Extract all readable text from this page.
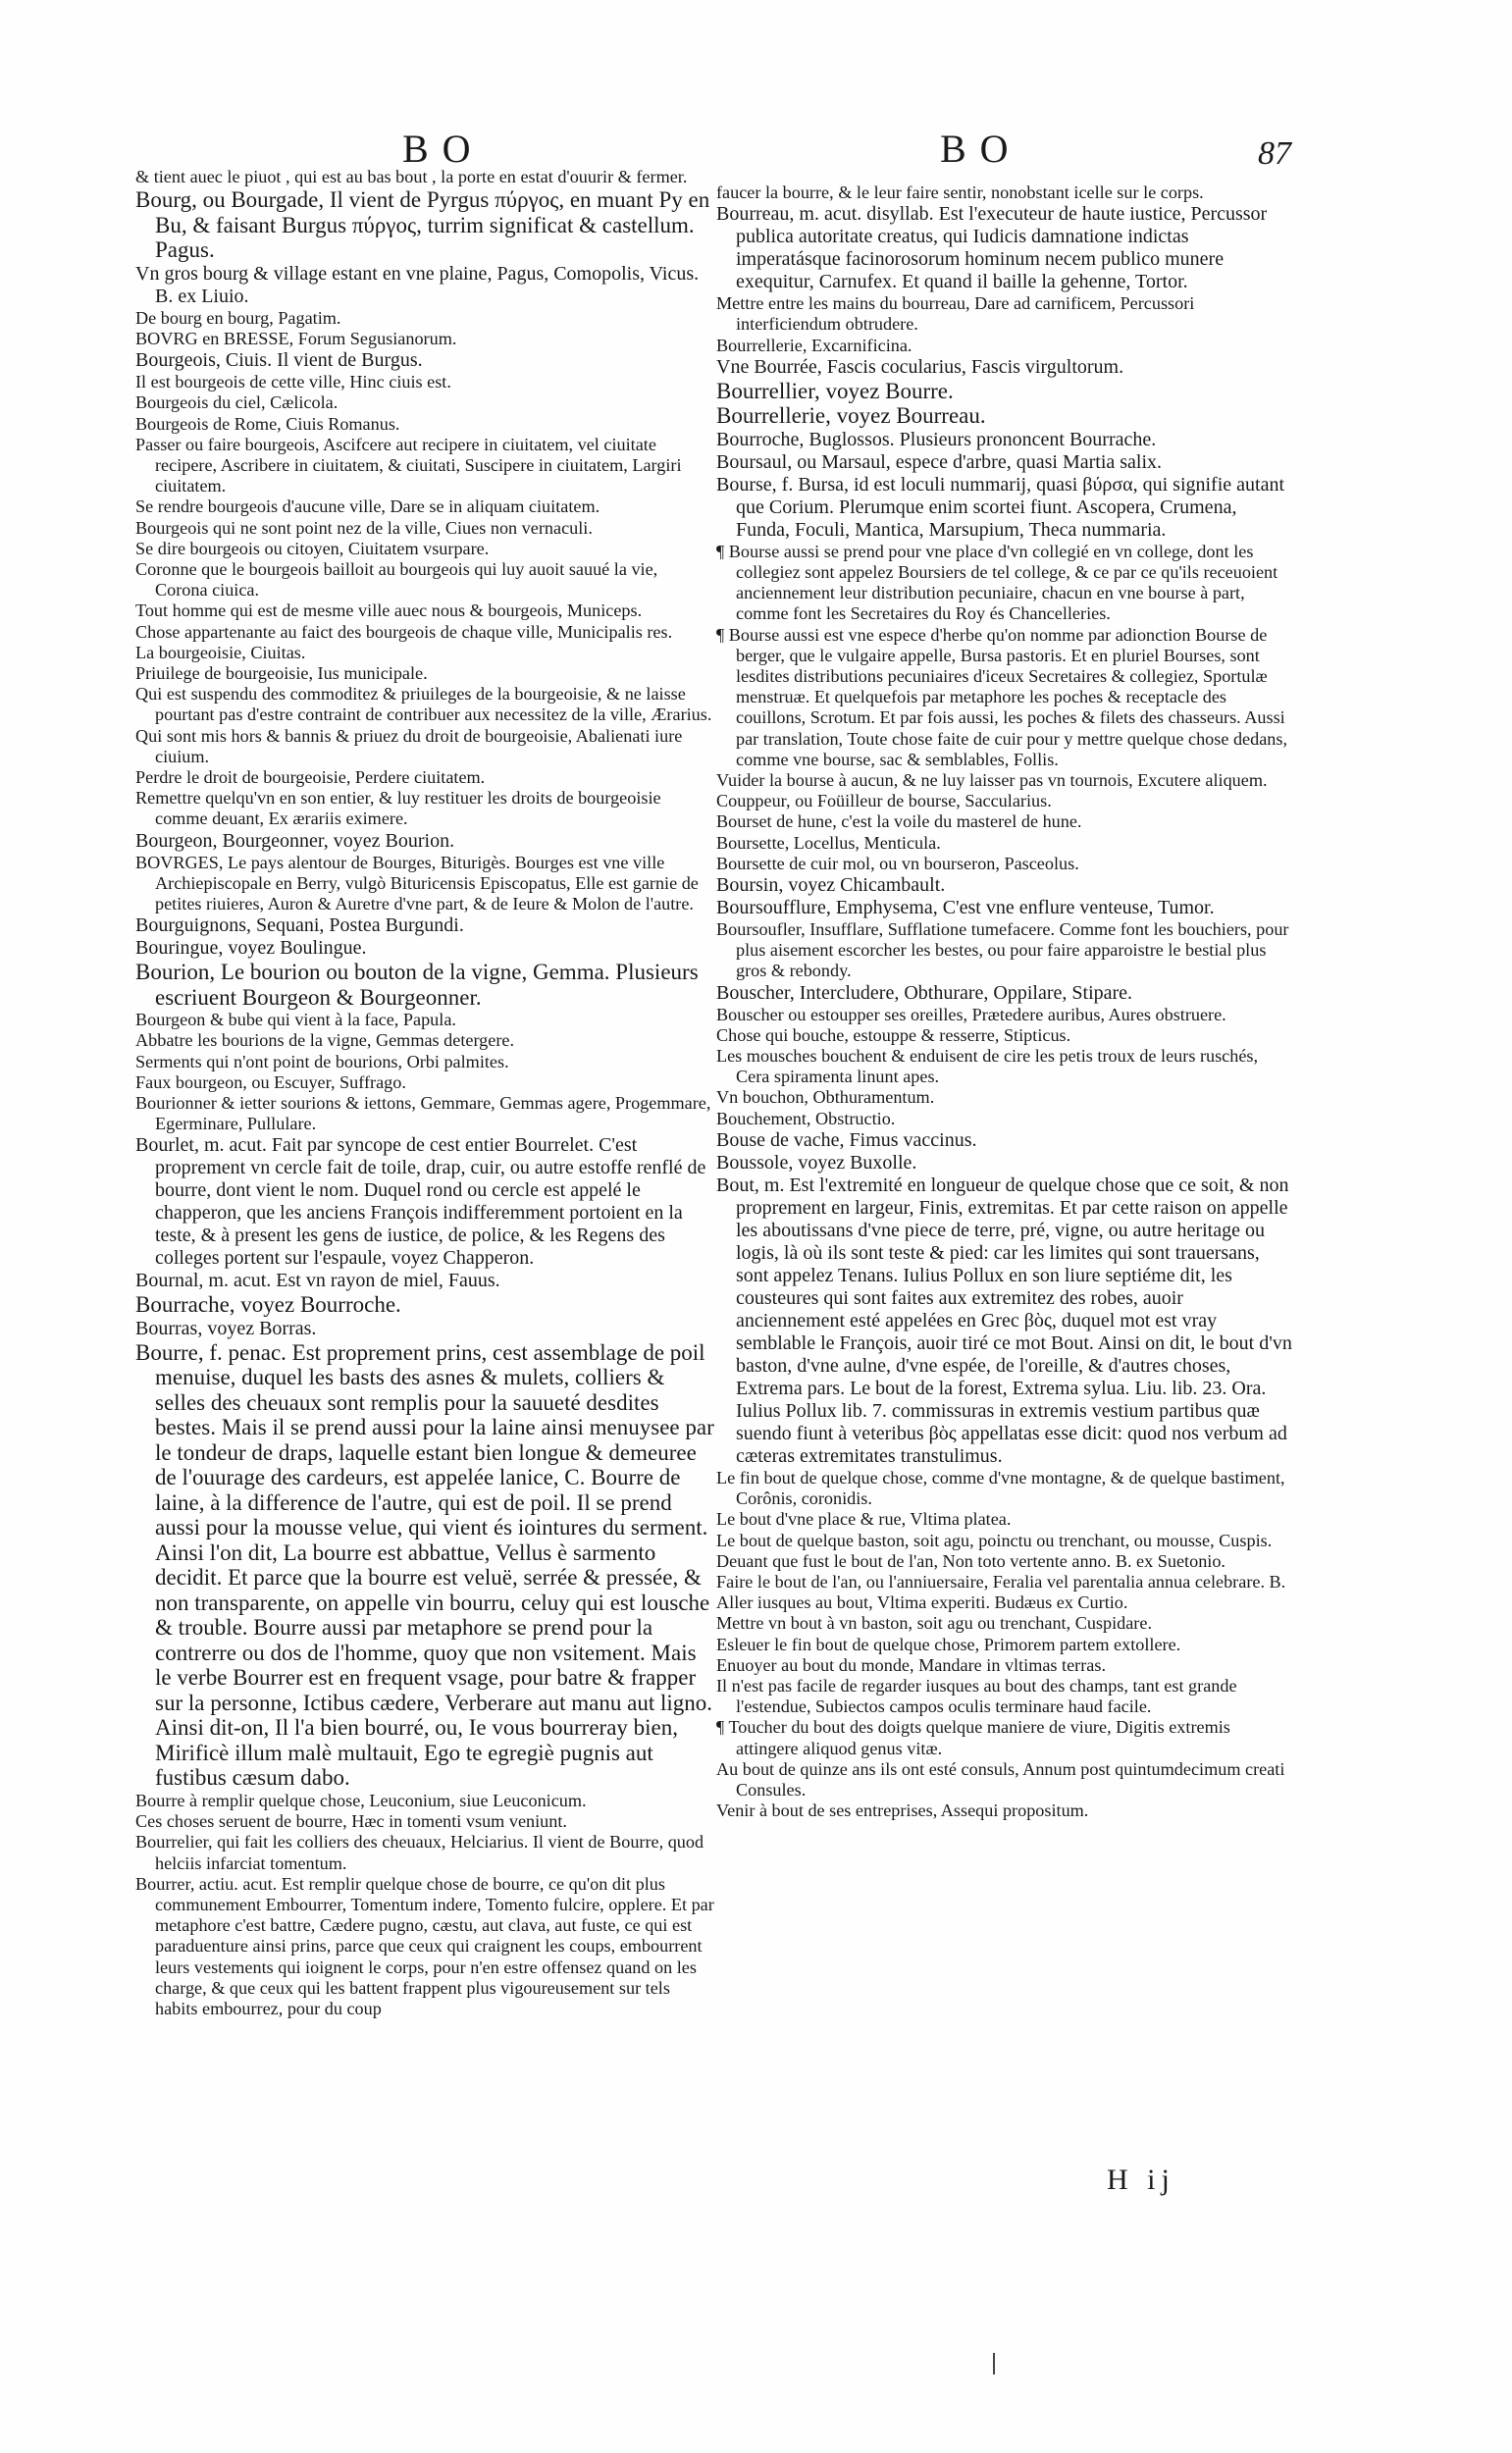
BO	BO	87

& tient auec le piuot , qui est au bas bout , la porte en estat d'ouurir & fermer.

Bourg, ou Bourgade, Il vient de Pyrgus πύργος, en muant Py en Bu, & faisant Burgus πύργος, turrim significat & castellum. Pagus.

Vn gros bourg & village estant en vne plaine, Pagus, Comopolis, Vicus. B. ex Liuio.

De bourg en bourg, Pagatim.

BOVRG en BRESSE, Forum Segusianorum.

Bourgeois, Ciuis. Il vient de Burgus.

Il est bourgeois de cette ville, Hinc ciuis est.

Bourgeois du ciel, Cælicola.

Bourgeois de Rome, Ciuis Romanus.

Passer ou faire bourgeois, Ascifcere aut recipere in ciuitatem, vel ciuitate recipere, Ascribere in ciuitatem, & ciuitati, Suscipere in ciuitatem, Largiri ciuitatem.

Se rendre bourgeois d'aucune ville, Dare se in aliquam ciuitatem.

Bourgeois qui ne sont point nez de la ville, Ciues non vernaculi.

Se dire bourgeois ou citoyen, Ciuitatem vsurpare.

Coronne que le bourgeois bailloit au bourgeois qui luy auoit sauué la vie, Corona ciuica.

Tout homme qui est de mesme ville auec nous & bourgeois, Municeps.

Chose appartenante au faict des bourgeois de chaque ville, Municipalis res.

La bourgeoisie, Ciuitas.

Priuilege de bourgeoisie, Ius municipale.

Qui est suspendu des commoditez & priuileges de la bourgeoisie, & ne laisse pourtant pas d'estre contraint de contribuer aux necessitez de la ville, Ærarius.

Qui sont mis hors & bannis & priuez du droit de bourgeoisie, Abalienati iure ciuium.

Perdre le droit de bourgeoisie, Perdere ciuitatem.

Remettre quelqu'vn en son entier, & luy restituer les droits de bourgeoisie comme deuant, Ex ærariis eximere.

Bourgeon, Bourgeonner, voyez Bourion.

BOVRGES, Le pays alentour de Bourges, Biturigès. Bourges est vne ville Archiepiscopale en Berry, vulgò Bituricensis Episcopatus, Elle est garnie de petites riuieres, Auron & Auretre d'vne part, & de Ieure & Molon de l'autre.

Bourguignons, Sequani, Postea Burgundi.

Bouringue, voyez Boulingue.

Bourion, Le bourion ou bouton de la vigne, Gemma. Plusieurs escriuent Bourgeon & Bourgeonner.

Bourgeon & bube qui vient à la face, Papula.

Abbatre les bourions de la vigne, Gemmas detergere.

Serments qui n'ont point de bourions, Orbi palmites.

Faux bourgeon, ou Escuyer, Suffrago.

Bourionner & ietter sourions & iettons, Gemmare, Gemmas agere, Progemmare, Egerminare, Pullulare.

Bourlet, m. acut. Fait par syncope de cest entier Bourrelet. C'est proprement vn cercle fait de toile, drap, cuir, ou autre estoffe renflé de bourre, dont vient le nom. Duquel rond ou cercle est appelé le chapperon, que les anciens François indifferemment portoient en la teste, & à present les gens de iustice, de police, & les Regens des colleges portent sur l'espaule, voyez Chapperon.

Bournal, m. acut. Est vn rayon de miel, Fauus.

Bourrache, voyez Bourroche.

Bourras, voyez Borras.

Bourre, f. penac. Est proprement prins, cest assemblage de poil menuise, duquel les basts des asnes & mulets, colliers & selles des cheuaux sont remplis pour la sauueté desdites bestes. Mais il se prend aussi pour la laine ainsi menuysee par le tondeur de draps, laquelle estant bien longue & demeuree de l'ouurage des cardeurs, est appelée lanice, C. Bourre de laine, à la difference de l'autre, qui est de poil. Il se prend aussi pour la mousse velue, qui vient és iointures du serment. Ainsi l'on dit, La bourre est abbattue, Vellus è sarmento decidit. Et parce que la bourre est veluë, serrée & pressée, & non transparente, on appelle vin bourru, celuy qui est lousche & trouble. Bourre aussi par metaphore se prend pour la contrerre ou dos de l'homme, quoy que non vsitement. Mais le verbe Bourrer est en frequent vsage, pour batre & frapper sur la personne, Ictibus cædere, Verberare aut manu aut ligno. Ainsi dit-on, Il l'a bien bourré, ou, Ie vous bourreray bien, Mirificè illum malè multauit, Ego te egregiè pugnis aut fustibus cæsum dabo.

Bourre à remplir quelque chose, Leuconium, siue Leuconicum.

Ces choses seruent de bourre, Hæc in tomenti vsum veniunt.

Bourrelier, qui fait les colliers des cheuaux, Helciarius. Il vient de Bourre, quod helciis infarciat tomentum.

Bourrer, actiu. acut. Est remplir quelque chose de bourre, ce qu'on dit plus communement Embourrer, Tomentum indere, Tomento fulcire, opplere. Et par metaphore c'est battre, Cædere pugno, cæstu, aut clava, aut fuste, ce qui est paraduenture ainsi prins, parce que ceux qui craignent les coups, embourrent leurs vestements qui ioignent le corps, pour n'en estre offensez quand on les charge, & que ceux qui les battent frappent plus vigoureusement sur tels habits embourrez, pour du coup

faucer la bourre, & le leur faire sentir, nonobstant icelle sur le corps.

Bourreau, m. acut. disyllab. Est l'executeur de haute iustice, Percussor publica autoritate creatus, qui Iudicis damnatione indictas imperatásque facinorosorum hominum necem publico munere exequitur, Carnufex. Et quand il baille la gehenne, Tortor.

Mettre entre les mains du bourreau, Dare ad carnificem, Percussori interficiendum obtrudere.

Bourrellerie, Excarnificina.

Vne Bourrée, Fascis cocularius, Fascis virgultorum.

Bourrellier, voyez Bourre.

Bourrellerie, voyez Bourreau.

Bourroche, Buglossos. Plusieurs prononcent Bourrache.

Boursaul, ou Marsaul, espece d'arbre, quasi Martia salix.

Bourse, f. Bursa, id est loculi nummarij, quasi βύρσα, qui signifie autant que Corium. Plerumque enim scortei fiunt. Ascopera, Crumena, Funda, Foculi, Mantica, Marsupium, Theca nummaria.

¶ Bourse aussi se prend pour vne place d'vn collegié en vn college, dont les collegiez sont appelez Boursiers de tel college, & ce par ce qu'ils receuoient anciennement leur distribution pecuniaire, chacun en vne bourse à part, comme font les Secretaires du Roy és Chancelleries.

¶ Bourse aussi est vne espece d'herbe qu'on nomme par adionction Bourse de berger, que le vulgaire appelle, Bursa pastoris. Et en pluriel Bourses, sont lesdites distributions pecuniaires d'iceux Secretaires & collegiez, Sportulæ menstruæ. Et quelquefois par metaphore les poches & receptacle des couillons, Scrotum. Et par fois aussi, les poches & filets des chasseurs. Aussi par translation, Toute chose faite de cuir pour y mettre quelque chose dedans, comme vne bourse, sac & semblables, Follis.

Vuider la bourse à aucun, & ne luy laisser pas vn tournois, Excutere aliquem.

Couppeur, ou Foüilleur de bourse, Saccularius.

Bourset de hune, c'est la voile du masterel de hune.

Boursette, Locellus, Menticula.

Boursette de cuir mol, ou vn bourseron, Pasceolus.

Boursin, voyez Chicambault.

Boursoufflure, Emphysema, C'est vne enflure venteuse, Tumor.

Boursoufler, Insufflare, Sufflatione tumefacere. Comme font les bouchiers, pour plus aisement escorcher les bestes, ou pour faire apparoistre le bestial plus gros & rebondy.

Bouscher, Intercludere, Obthurare, Oppilare, Stipare.

Bouscher ou estoupper ses oreilles, Prætedere auribus, Aures obstruere.

Chose qui bouche, estouppe & resserre, Stipticus.

Les mousches bouchent & enduisent de cire les petis troux de leurs ruschés, Cera spiramenta linunt apes.

Vn bouchon, Obthuramentum.

Bouchement, Obstructio.

Bouse de vache, Fimus vaccinus.

Boussole, voyez Buxolle.

Bout, m. Est l'extremité en longueur de quelque chose que ce soit, & non proprement en largeur, Finis, extremitas. Et par cette raison on appelle les aboutissans d'vne piece de terre, pré, vigne, ou autre heritage ou logis, là où ils sont teste & pied: car les limites qui sont trauersans, sont appelez Tenans. Iulius Pollux en son liure septiéme dit, les cousteures qui sont faites aux extremitez des robes, auoir anciennement esté appelées en Grec βὸς, duquel mot est vray semblable le François, auoir tiré ce mot Bout. Ainsi on dit, le bout d'vn baston, d'vne aulne, d'vne espée, de l'oreille, & d'autres choses, Extrema pars. Le bout de la forest, Extrema sylua. Liu. lib. 23. Ora. Iulius Pollux lib. 7. commissuras in extremis vestium partibus quæ suendo fiunt à veteribus βὸς appellatas esse dicit: quod nos verbum ad cæteras extremitates transtulimus.

Le fin bout de quelque chose, comme d'vne montagne, & de quelque bastiment, Corônis, coronidis.

Le bout d'vne place & rue, Vltima platea.

Le bout de quelque baston, soit agu, poinctu ou trenchant, ou mousse, Cuspis.

Deuant que fust le bout de l'an, Non toto vertente anno. B. ex Suetonio.

Faire le bout de l'an, ou l'anniuersaire, Feralia vel parentalia annua celebrare. B.

Aller iusques au bout, Vltima experiti. Budæus ex Curtio.

Mettre vn bout à vn baston, soit agu ou trenchant, Cuspidare.

Esleuer le fin bout de quelque chose, Primorem partem extollere.

Enuoyer au bout du monde, Mandare in vltimas terras.

Il n'est pas facile de regarder iusques au bout des champs, tant est grande l'estendue, Subiectos campos oculis terminare haud facile.

¶ Toucher du bout des doigts quelque maniere de viure, Digitis extremis attingere aliquod genus vitæ.

Au bout de quinze ans ils ont esté consuls, Annum post quintumdecimum creati Consules.

Venir à bout de ses entreprises, Assequi propositum.

H ij
